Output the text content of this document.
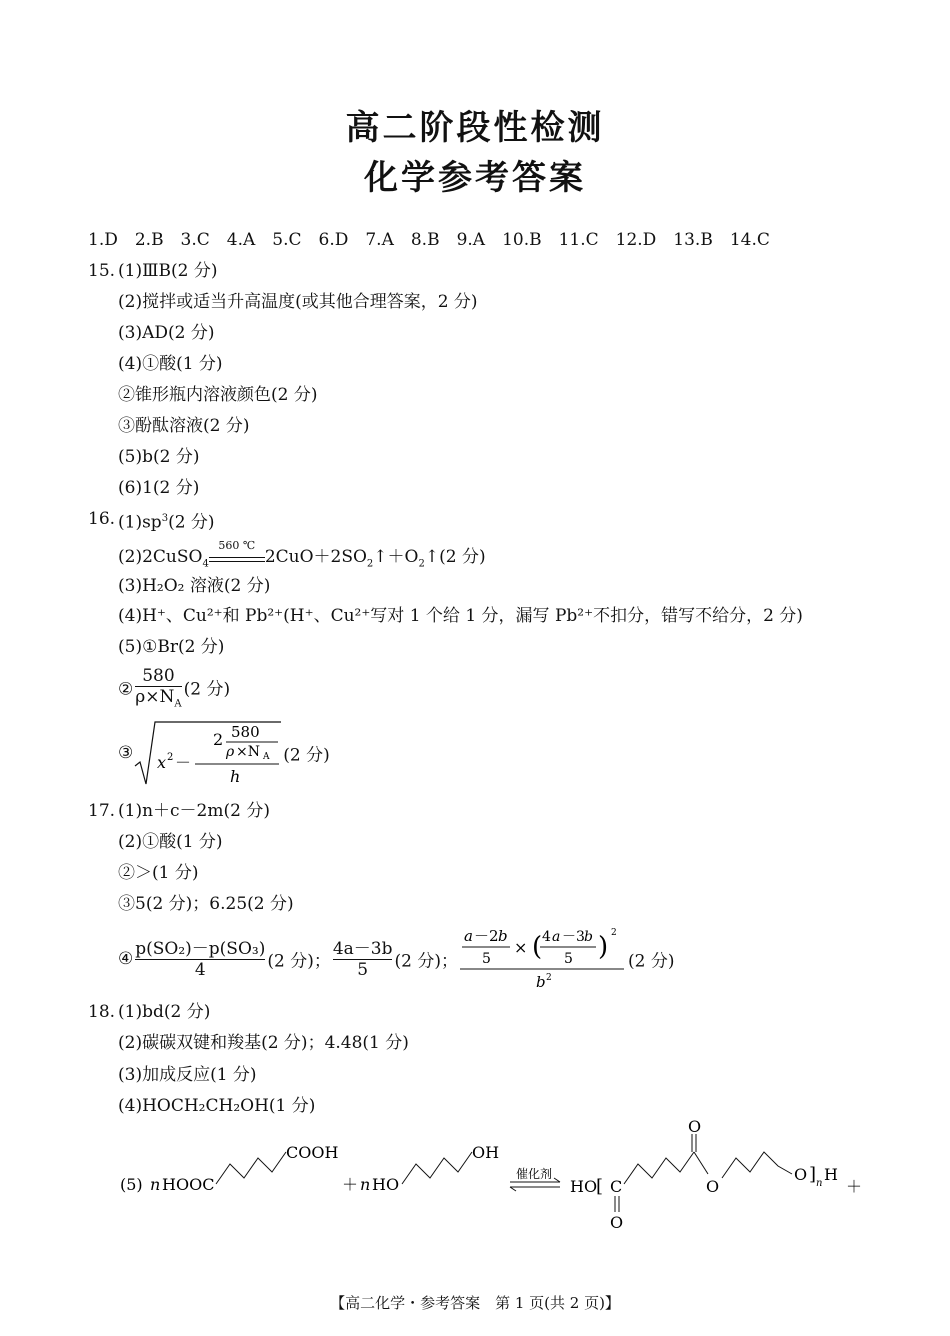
高二阶段性检测
化学参考答案
1.D　2.B　3.C　4.A　5.C　6.D　7.A　8.B　9.A　10.B　11.C　12.D　13.B　14.C
15. (1)ⅢB(2 分)
(2)搅拌或适当升高温度(或其他合理答案，2 分)
(3)AD(2 分)
(4)①酸(1 分)
②锥形瓶内溶液颜色(2 分)
③酚酞溶液(2 分)
(5)b(2 分)
(6)1(2 分)
16. $(1)sp^3(2$ 分)
(2)2CuSO$_4$
560 ℃
$2CuO+2SO_2↑+O_2↑(2$ 分)
(3)H₂O₂ 溶液(2 分)
(4)H⁺、Cu²⁺和 Pb²⁺(H⁺、Cu²⁺写对 1 个给 1 分，漏写 Pb²⁺不扣分，错写不给分，2 分)
(5)①Br(2 分)
② $\frac{580}{\rho\times N_A} (2$ 分)
③ x 2 －
2 580
ρ ×N A
h
(2 分)
17. (1)n＋c－2m(2 分)
(2)①酸(1 分)
②＞(1 分)
③5(2 分)；6.25(2 分)
④ $\frac{\text{p(SO₂)－p(SO₃)}}{4} (2$ 分)； $\frac{4a-3b}{5} (2$ 分)；
a －2 b
5
× ( 4 a －3 b
5 ) 2
b 2
(2 分)
18. (1)bd(2 分)
(2)碳碳双键和羧基(2 分)；4.48(1 分)
(3)加成反应(1 分)
(4)HOCH₂CH₂OH(1 分)
(5) n HOOC
COOH
＋ n HO
OH
催化剂
HO
[ C
O
O
O
O ] n H
＋
【高二化学・参考答案　第 1 页(共 2 页)】
